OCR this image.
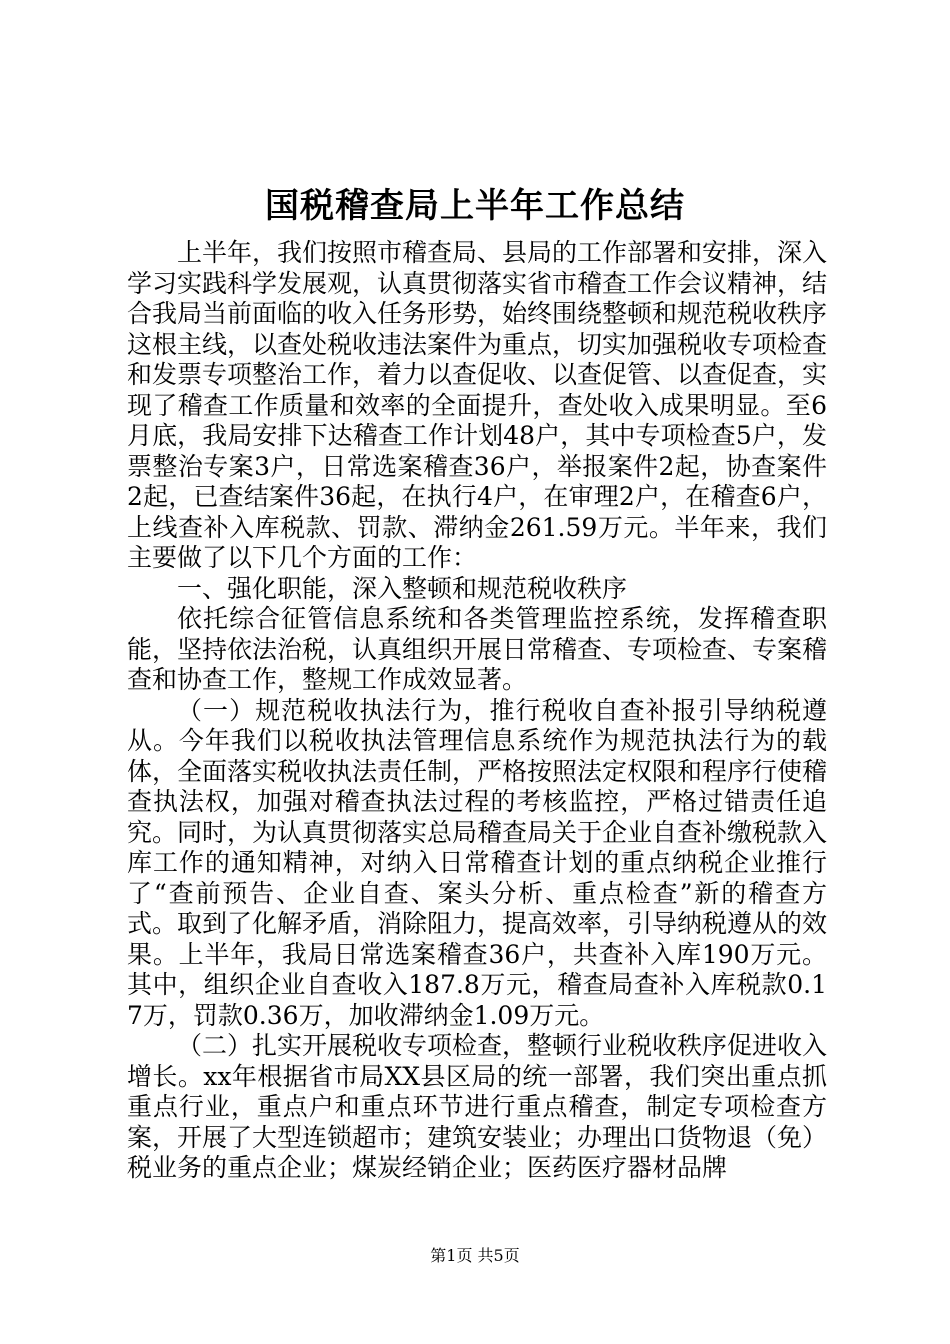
国税稽查局上半年工作总结

上半年，我们按照市稽查局、县局的工作部署和安排，深入学习实践科学发展观，认真贯彻落实省市稽查工作会议精神，结合我局当前面临的收入任务形势，始终围绕整顿和规范税收秩序这根主线，以查处税收违法案件为重点，切实加强税收专项检查和发票专项整治工作，着力以查促收、以查促管、以查促查，实现了稽查工作质量和效率的全面提升，查处收入成果明显。至6月底，我局安排下达稽查工作计划48户，其中专项检查5户，发票整治专案3户，日常选案稽查36户，举报案件2起，协查案件2起，已查结案件36起，在执行4户，在审理2户，在稽查6户，上线查补入库税款、罚款、滞纳金261.59万元。半年来，我们主要做了以下几个方面的工作：

一、强化职能，深入整顿和规范税收秩序

依托综合征管信息系统和各类管理监控系统，发挥稽查职能，坚持依法治税，认真组织开展日常稽查、专项检查、专案稽查和协查工作，整规工作成效显著。

（一）规范税收执法行为，推行税收自查补报引导纳税遵从。今年我们以税收执法管理信息系统作为规范执法行为的载体，全面落实税收执法责任制，严格按照法定权限和程序行使稽查执法权，加强对稽查执法过程的考核监控，严格过错责任追究。同时，为认真贯彻落实总局稽查局关于企业自查补缴税款入库工作的通知精神，对纳入日常稽查计划的重点纳税企业推行了“查前预告、企业自查、案头分析、重点检查”新的稽查方式。取到了化解矛盾，消除阻力，提高效率，引导纳税遵从的效果。上半年，我局日常选案稽查36户，共查补入库190万元。其中，组织企业自查收入187.8万元，稽查局查补入库税款0.17万，罚款0.36万，加收滞纳金1.09万元。

（二）扎实开展税收专项检查，整顿行业税收秩序促进收入增长。xx年根据省市局XX县区局的统一部署，我们突出重点抓重点行业，重点户和重点环节进行重点稽查，制定专项检查方案，开展了大型连锁超市；建筑安装业；办理出口货物退（免）税业务的重点企业；煤炭经销企业；医药医疗器材品牌

第1页 共5页
